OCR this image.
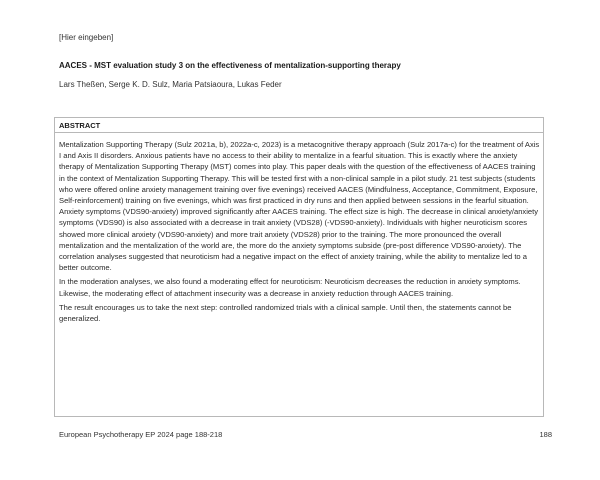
[Hier eingeben]
AACES - MST evaluation study 3 on the effectiveness of mentalization-supporting therapy
Lars Theßen, Serge K. D. Sulz, Maria Patsiaoura, Lukas Feder
ABSTRACT

Mentalization Supporting Therapy (Sulz 2021a, b), 2022a-c, 2023) is a metacognitive therapy approach (Sulz 2017a-c) for the treatment of Axis I and Axis II disorders. Anxious patients have no access to their ability to mentalize in a fearful situation. This is exactly where the anxiety therapy of Mentalization Supporting Therapy (MST) comes into play. This paper deals with the question of the effectiveness of AACES training in the context of Mentalization Supporting Therapy. This will be tested first with a non-clinical sample in a pilot study. 21 test subjects (students who were offered online anxiety management training over five evenings) received AACES (Mindfulness, Acceptance, Commitment, Exposure, Self-reinforcement) training on five evenings, which was first practiced in dry runs and then applied between sessions in the fearful situation. Anxiety symptoms (VDS90-anxiety) improved significantly after AACES training. The effect size is high. The decrease in clinical anxiety/anxiety symptoms (VDS90) is also associated with a decrease in trait anxiety (VDS28) (-VDS90-anxiety). Individuals with higher neuroticism scores showed more clinical anxiety (VDS90-anxiety) and more trait anxiety (VDS28) prior to the training. The more pronounced the overall mentalization and the mentalization of the world are, the more do the anxiety symptoms subside (pre-post difference VDS90-anxiety). The correlation analyses suggested that neuroticism had a negative impact on the effect of anxiety training, while the ability to mentalize led to a better outcome.

In the moderation analyses, we also found a moderating effect for neuroticism: Neuroticism decreases the reduction in anxiety symptoms. Likewise, the moderating effect of attachment insecurity was a decrease in anxiety reduction through AACES training.

The result encourages us to take the next step: controlled randomized trials with a clinical sample. Until then, the statements cannot be generalized.

European Psychotherapy EP 2024 page 188-218	188
